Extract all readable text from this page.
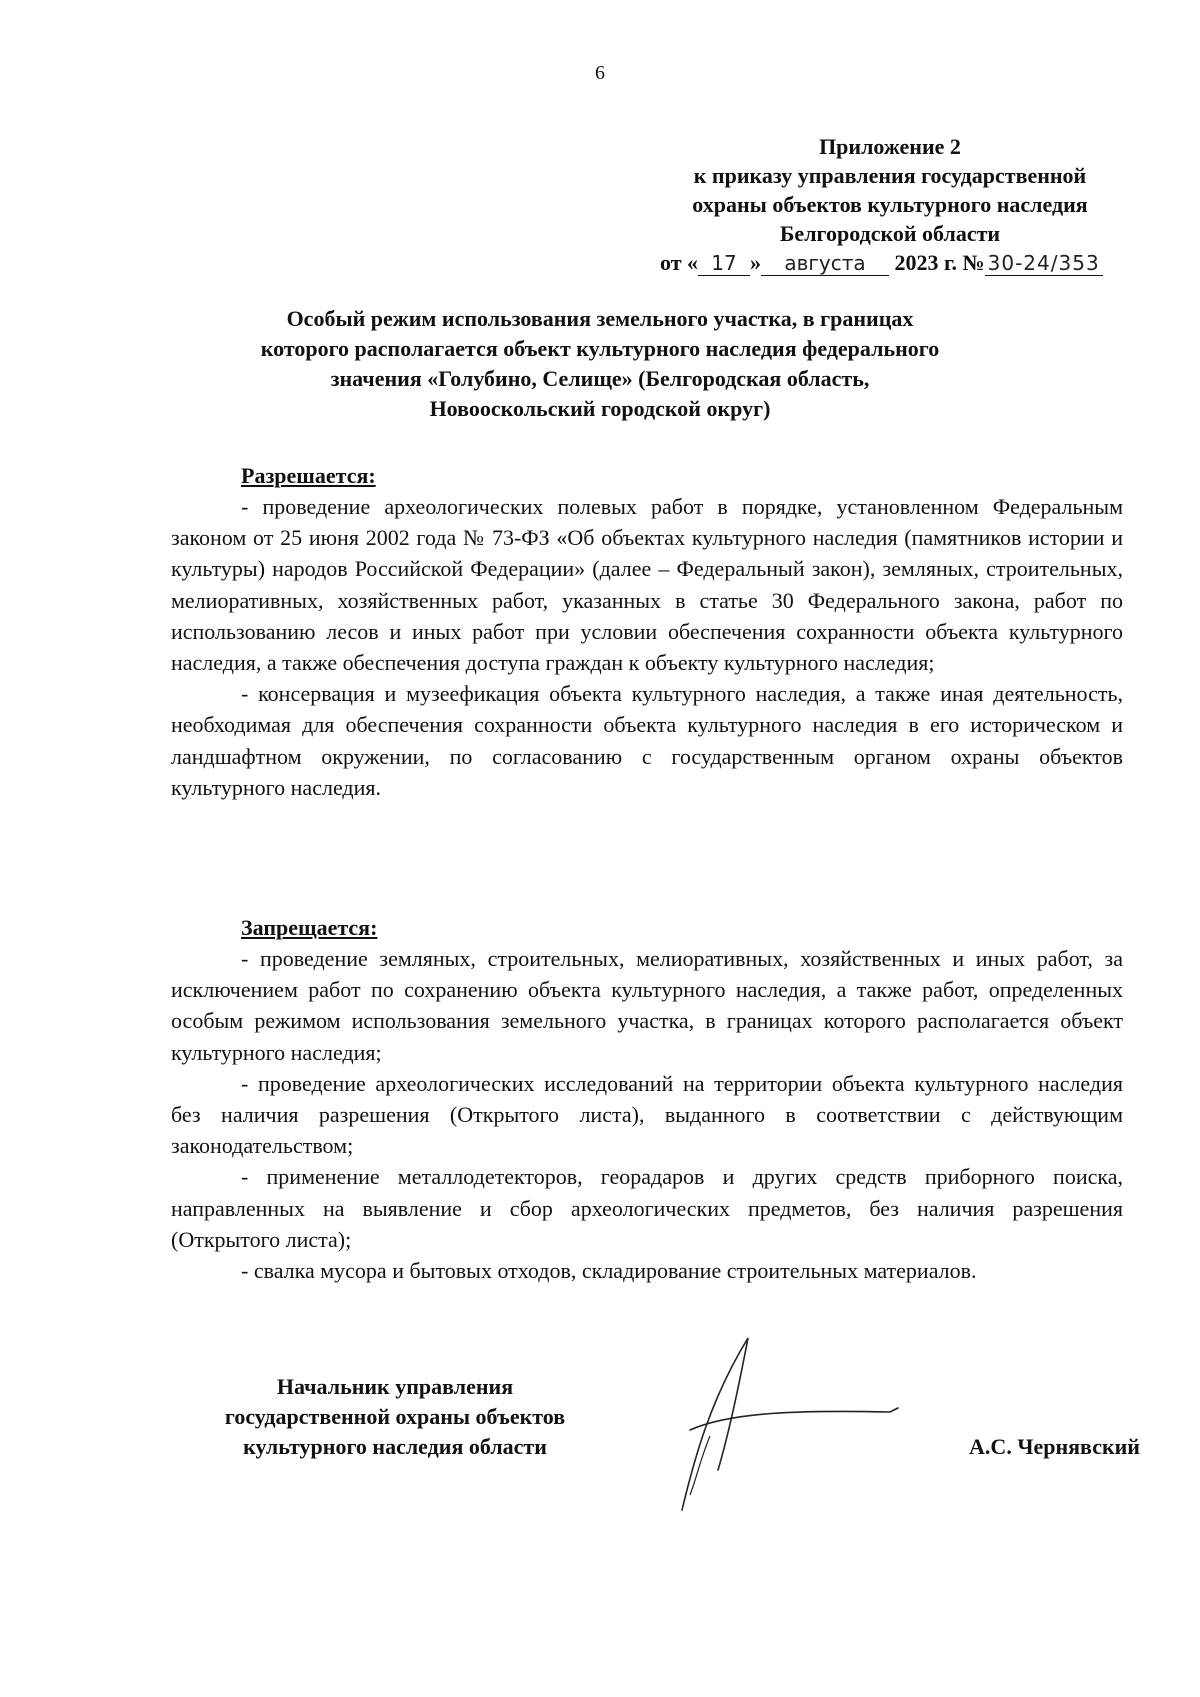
6
Приложение 2
к приказу управления государственной
охраны объектов культурного наследия
Белгородской области
от « 17 » августа 2023 г. № 30-24/353
Особый режим использования земельного участка, в границах
которого располагается объект культурного наследия федерального
значения «Голубино, Селище» (Белгородская область,
Новооскольский городской округ)
Разрешается:

- проведение археологических полевых работ в порядке, установленном Федеральным законом от 25 июня 2002 года № 73-ФЗ «Об объектах культурного наследия (памятников истории и культуры) народов Российской Федерации» (далее – Федеральный закон), земляных, строительных, мелиоративных, хозяйственных работ, указанных в статье 30 Федерального закона, работ по использованию лесов и иных работ при условии обеспечения сохранности объекта культурного наследия, а также обеспечения доступа граждан к объекту культурного наследия;

- консервация и музеефикация объекта культурного наследия, а также иная деятельность, необходимая для обеспечения сохранности объекта культурного наследия в его историческом и ландшафтном окружении, по согласованию с государственным органом охраны объектов культурного наследия.

Запрещается:

- проведение земляных, строительных, мелиоративных, хозяйственных и иных работ, за исключением работ по сохранению объекта культурного наследия, а также работ, определенных особым режимом использования земельного участка, в границах которого располагается объект культурного наследия;

- проведение археологических исследований на территории объекта культурного наследия без наличия разрешения (Открытого листа), выданного в соответствии с действующим законодательством;

- применение металлодетекторов, георадаров и других средств приборного поиска, направленных на выявление и сбор археологических предметов, без наличия разрешения (Открытого листа);

- свалка мусора и бытовых отходов, складирование строительных материалов.

Начальник управления
государственной охраны объектов
культурного наследия области	А.С. Чернявский
